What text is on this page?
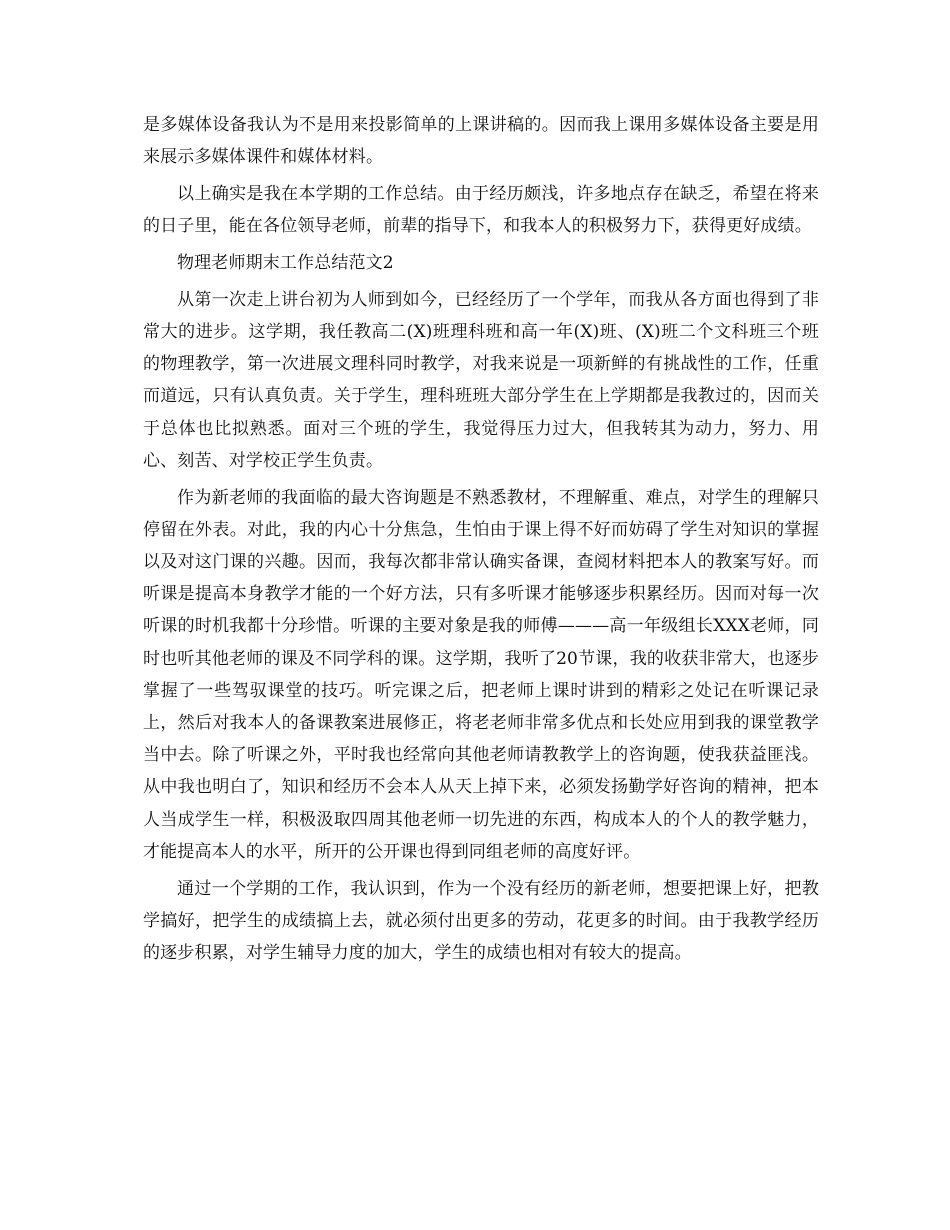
是多媒体设备我认为不是用来投影简单的上课讲稿的。因而我上课用多媒体设备主要是用来展示多媒体课件和媒体材料。

以上确实是我在本学期的工作总结。由于经历颇浅，许多地点存在缺乏，希望在将来的日子里，能在各位领导老师，前辈的指导下，和我本人的积极努力下，获得更好成绩。

物理老师期末工作总结范文2

从第一次走上讲台初为人师到如今，已经经历了一个学年，而我从各方面也得到了非常大的进步。这学期，我任教高二(X)班理科班和高一年(X)班、(X)班二个文科班三个班的物理教学，第一次进展文理科同时教学，对我来说是一项新鲜的有挑战性的工作，任重而道远，只有认真负责。关于学生，理科班班大部分学生在上学期都是我教过的，因而关于总体也比拟熟悉。面对三个班的学生，我觉得压力过大，但我转其为动力，努力、用心、刻苦、对学校正学生负责。

作为新老师的我面临的最大咨询题是不熟悉教材，不理解重、难点，对学生的理解只停留在外表。对此，我的内心十分焦急，生怕由于课上得不好而妨碍了学生对知识的掌握以及对这门课的兴趣。因而，我每次都非常认确实备课，查阅材料把本人的教案写好。而听课是提高本身教学才能的一个好方法，只有多听课才能够逐步积累经历。因而对每一次听课的时机我都十分珍惜。听课的主要对象是我的师傅———高一年级组长XXX老师，同时也听其他老师的课及不同学科的课。这学期，我听了20节课，我的收获非常大，也逐步掌握了一些驾驭课堂的技巧。听完课之后，把老师上课时讲到的精彩之处记在听课记录上，然后对我本人的备课教案进展修正，将老老师非常多优点和长处应用到我的课堂教学当中去。除了听课之外，平时我也经常向其他老师请教教学上的咨询题，使我获益匪浅。从中我也明白了，知识和经历不会本人从天上掉下来，必须发扬勤学好咨询的精神，把本人当成学生一样，积极汲取四周其他老师一切先进的东西，构成本人的个人的教学魅力，才能提高本人的水平，所开的公开课也得到同组老师的高度好评。

通过一个学期的工作，我认识到，作为一个没有经历的新老师，想要把课上好，把教学搞好，把学生的成绩搞上去，就必须付出更多的劳动，花更多的时间。由于我教学经历的逐步积累，对学生辅导力度的加大，学生的成绩也相对有较大的提高。
